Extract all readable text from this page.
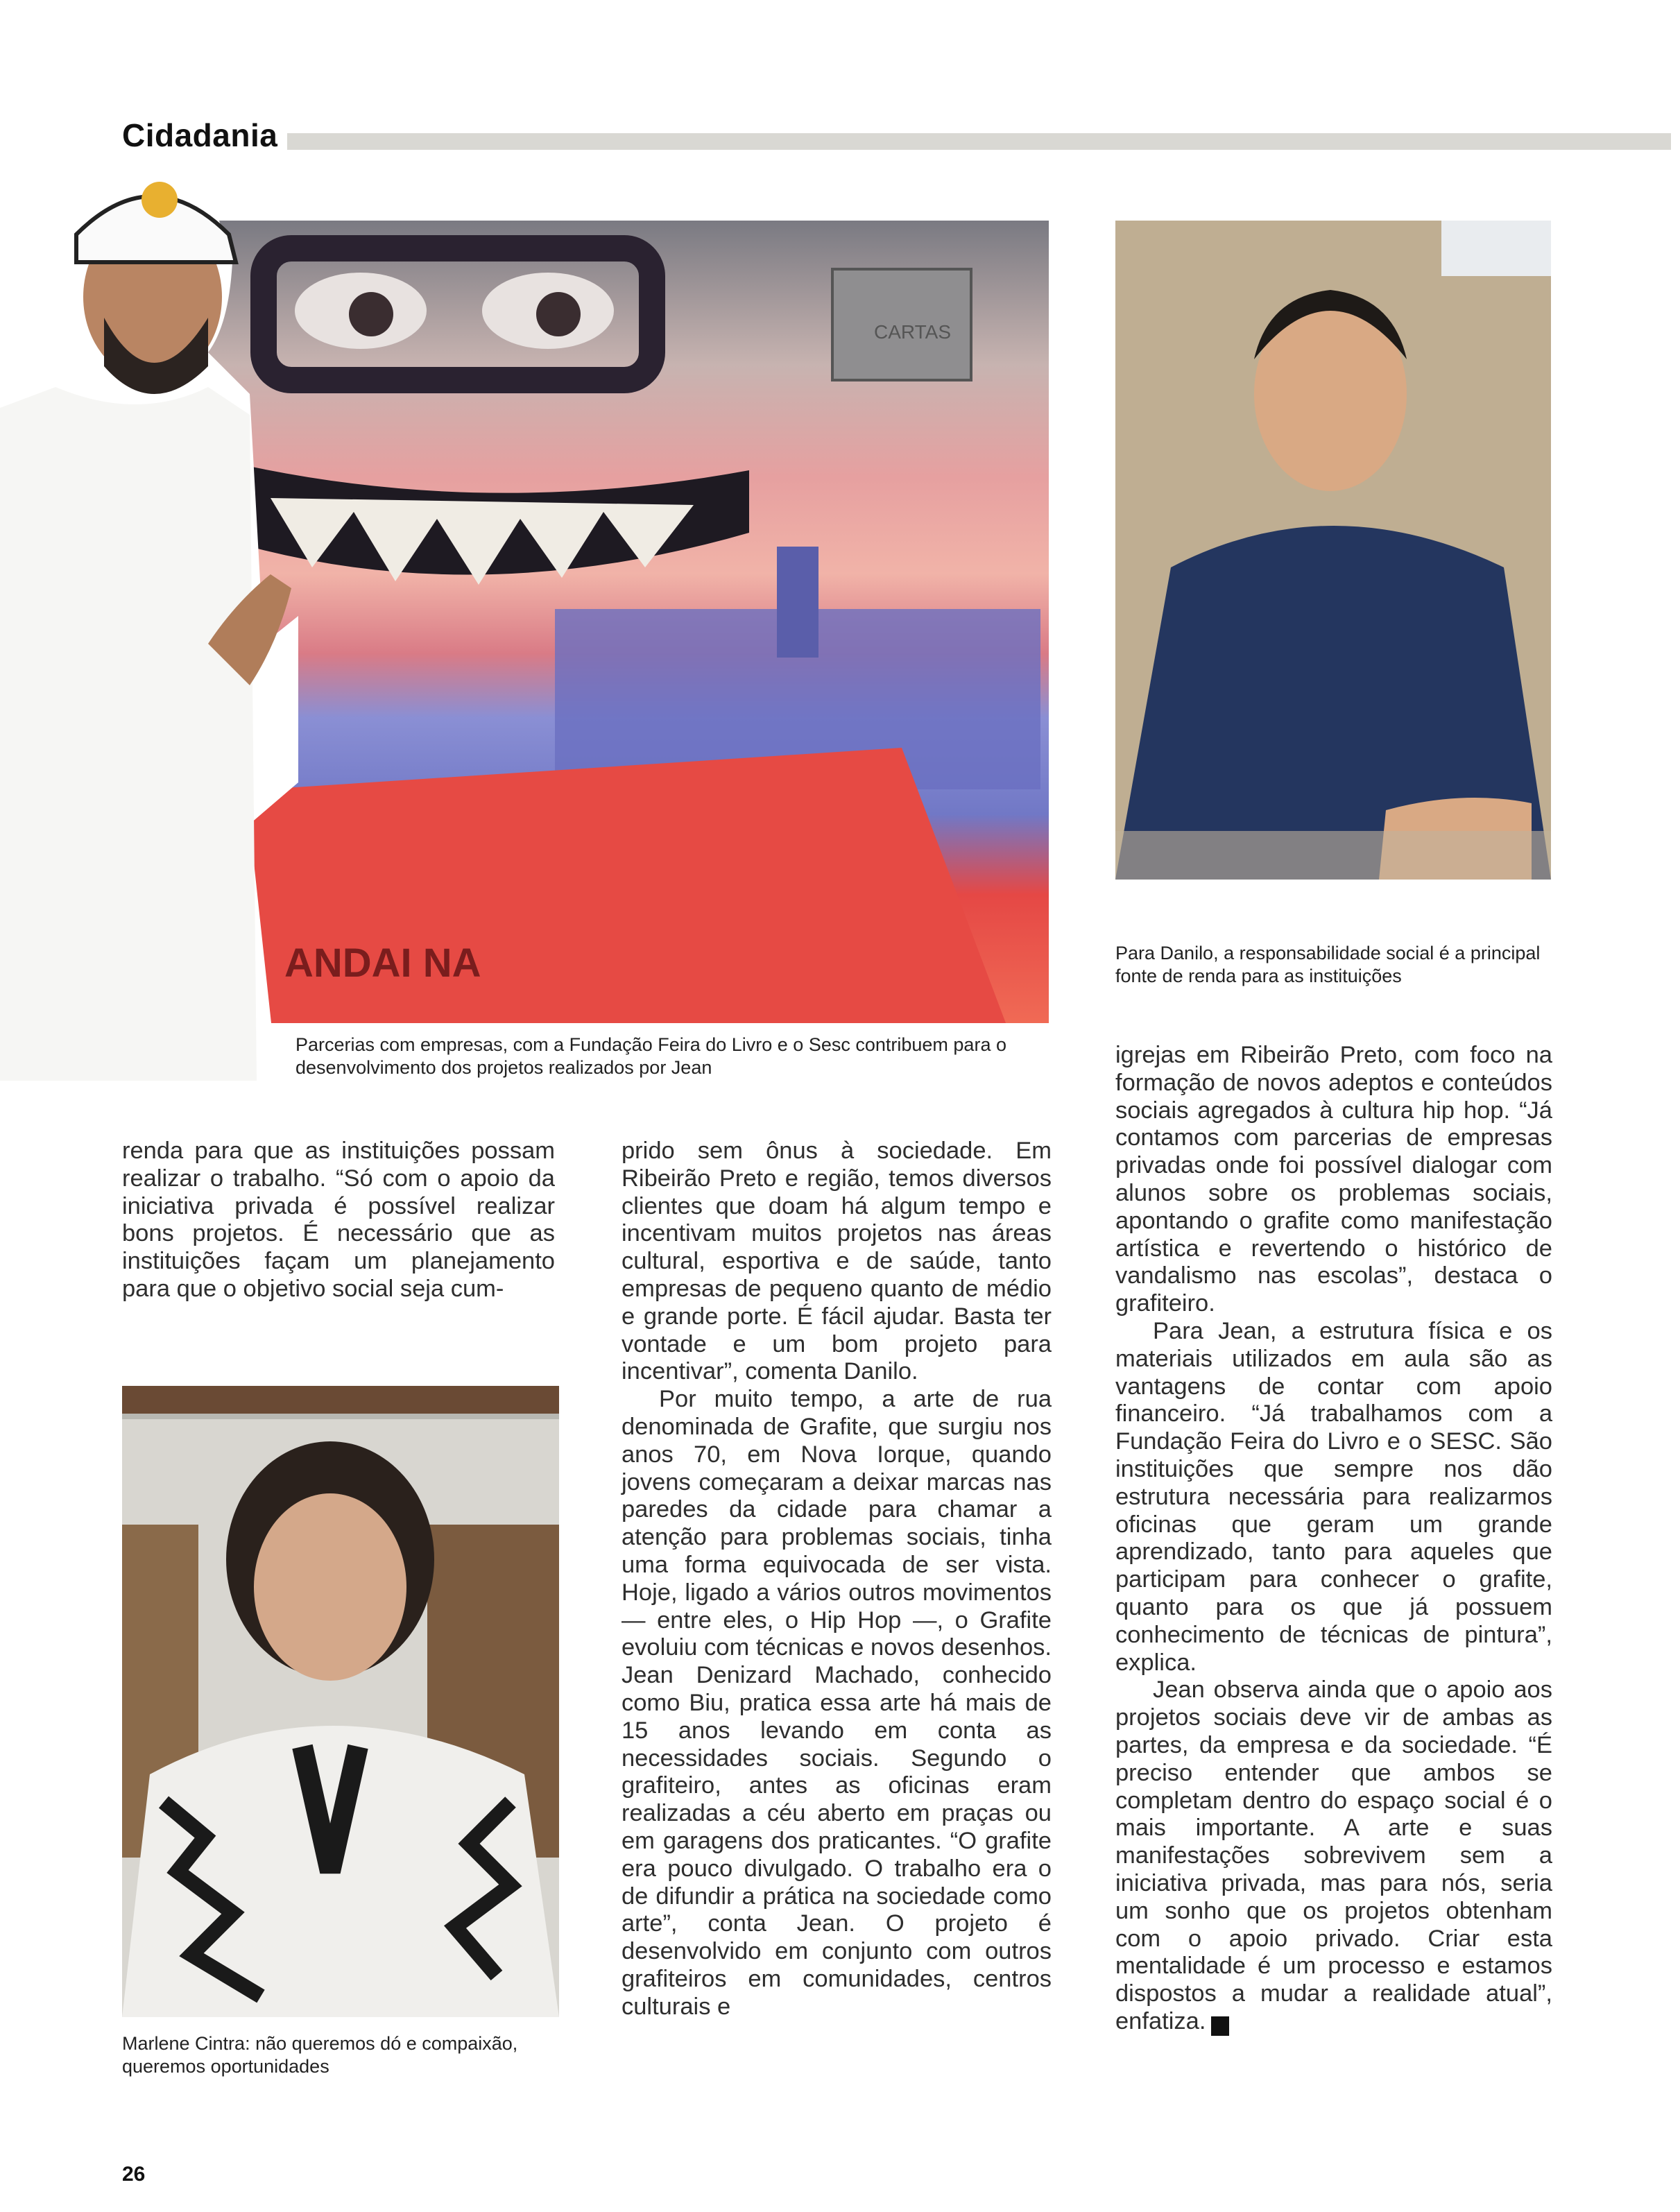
Cidadania
CARTAS
ANDAI NA
Parcerias com empresas, com a Fundação Feira do Livro e o Sesc contribuem para o desenvolvimento dos projetos realizados por Jean
Para Danilo, a responsabilidade social é a principal fonte de renda para as instituições
Marlene Cintra: não queremos dó e compaixão, queremos oportunidades

renda para que as instituições possam realizar o trabalho. “Só com o apoio da iniciativa privada é possível realizar bons projetos. É necessário que as instituições façam um planejamento para que o objetivo social seja cum-

prido sem ônus à sociedade. Em Ribeirão Preto e região, temos diversos clientes que doam há algum tempo e incentivam muitos projetos nas áreas cultural, esportiva e de saúde, tanto empresas de pequeno quanto de médio e grande porte. É fácil ajudar. Basta ter vontade e um bom projeto para incentivar”, comenta Danilo.

Por muito tempo, a arte de rua denominada de Grafite, que surgiu nos anos 70, em Nova Iorque, quando jovens começaram a deixar marcas nas paredes da cidade para chamar a atenção para problemas sociais, tinha uma forma equivocada de ser vista. Hoje, ligado a vários outros movimentos — entre eles, o Hip Hop —, o Grafite evoluiu com técnicas e novos desenhos. Jean Denizard Machado, conhecido como Biu, pratica essa arte há mais de 15 anos levando em conta as necessidades sociais. Segundo o grafiteiro, antes as oficinas eram realizadas a céu aberto em praças ou em garagens dos praticantes. “O grafite era pouco divulgado. O trabalho era o de difundir a prática na sociedade como arte”, conta Jean. O projeto é desenvolvido em conjunto com outros grafiteiros em comunidades, centros culturais e

igrejas em Ribeirão Preto, com foco na formação de novos adeptos e conteúdos sociais agregados à cultura hip hop. “Já contamos com parcerias de empresas privadas onde foi possível dialogar com alunos sobre os problemas sociais, apontando o grafite como manifestação artística e revertendo o histórico de vandalismo nas escolas”, destaca o grafiteiro.

Para Jean, a estrutura física e os materiais utilizados em aula são as vantagens de contar com apoio financeiro. “Já trabalhamos com a Fundação Feira do Livro e o SESC. São instituições que sempre nos dão estrutura necessária para realizarmos oficinas que geram um grande aprendizado, tanto para aqueles que participam para conhecer o grafite, quanto para os que já possuem conhecimento de técnicas de pintura”, explica.

Jean observa ainda que o apoio aos projetos sociais deve vir de ambas as partes, da empresa e da sociedade. “É preciso entender que ambos se completam dentro do espaço social é o mais importante. A arte e suas manifestações sobrevivem sem a iniciativa privada, mas para nós, seria um sonho que os projetos obtenham com o apoio privado. Criar esta mentalidade é um processo e estamos dispostos a mudar a realidade atual”, enfatiza.	r

26
